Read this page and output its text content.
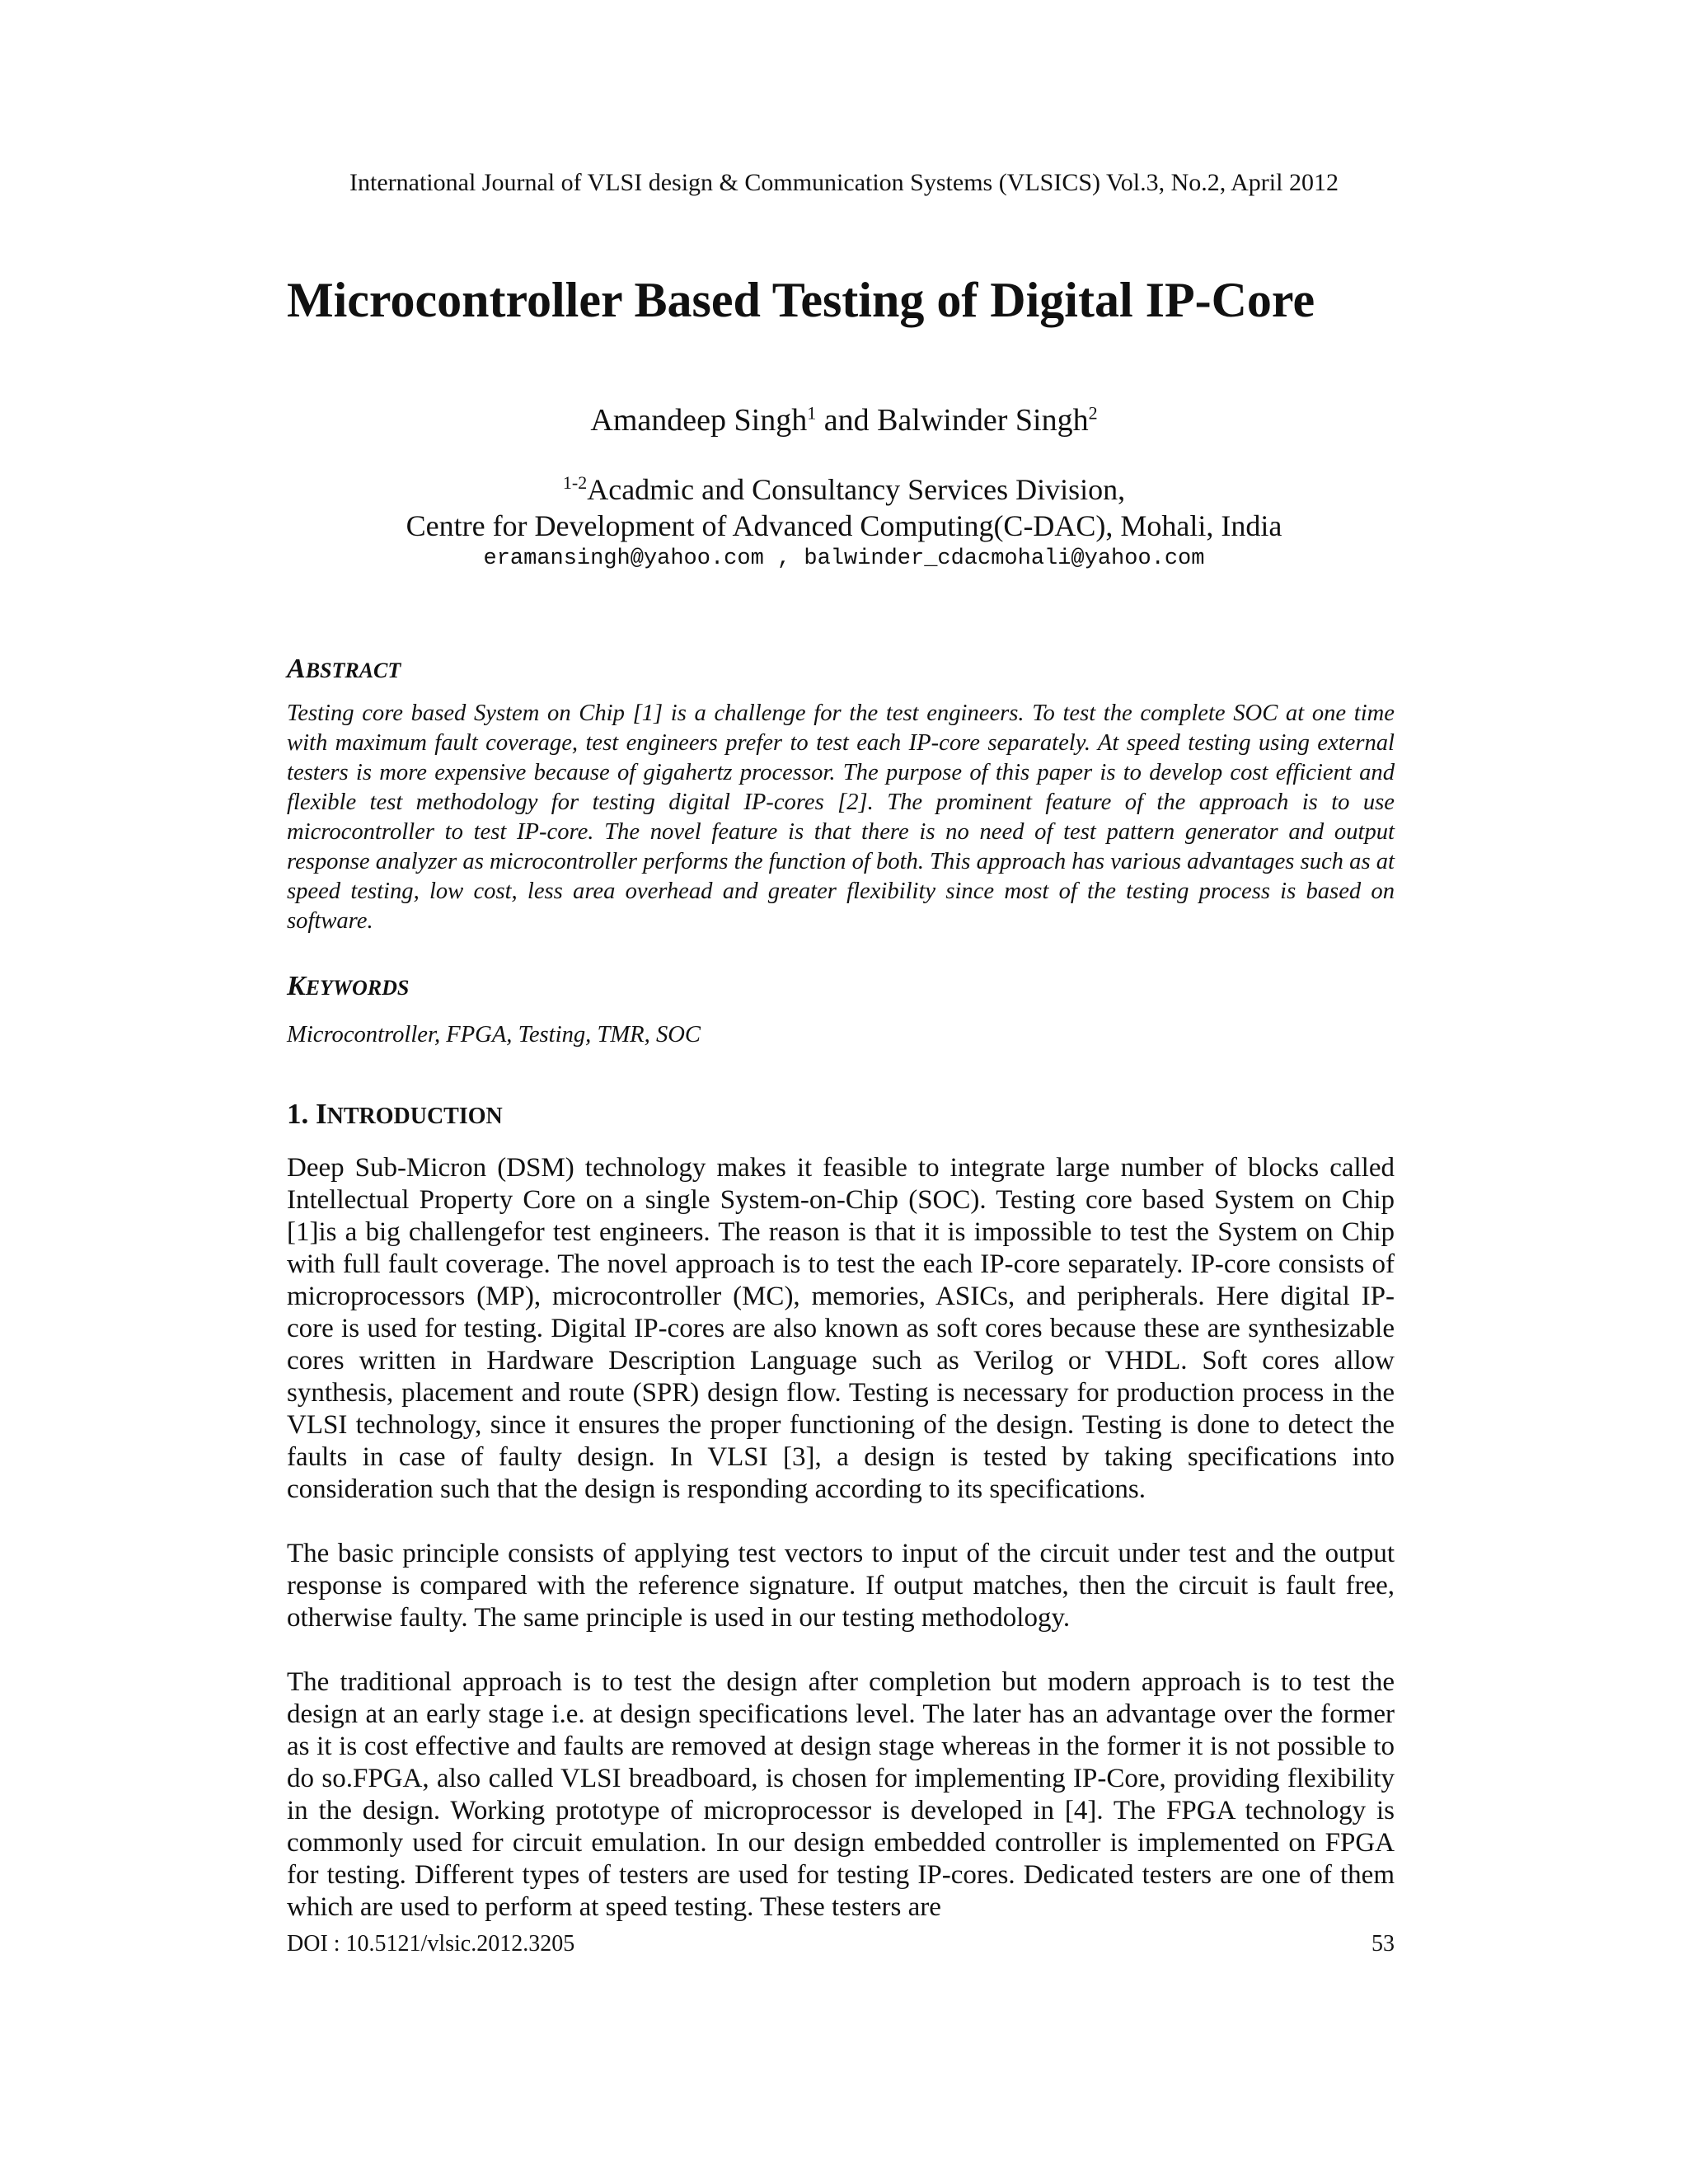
International Journal of VLSI design & Communication Systems (VLSICS) Vol.3, No.2, April 2012
Microcontroller Based Testing of Digital IP-Core
Amandeep Singh$^1$ and Balwinder Singh$^2$
$^{1-2}$Acadmic and Consultancy Services Division,
Centre for Development of Advanced Computing(C-DAC), Mohali, India
eramansingh@yahoo.com , balwinder_cdacmohali@yahoo.com
ABSTRACT
Testing core based System on Chip [1] is a challenge for the test engineers. To test the complete SOC at one time with maximum fault coverage, test engineers prefer to test each IP-core separately. At speed testing using external testers is more expensive because of gigahertz processor. The purpose of this paper is to develop cost efficient and flexible test methodology for testing digital IP-cores [2]. The prominent feature of the approach is to use microcontroller to test IP-core. The novel feature is that there is no need of test pattern generator and output response analyzer as microcontroller performs the function of both. This approach has various advantages such as at speed testing, low cost, less area overhead and greater flexibility since most of the testing process is based on software.
KEYWORDS
Microcontroller, FPGA, Testing, TMR, SOC
1. INTRODUCTION
Deep Sub-Micron (DSM) technology makes it feasible to integrate large number of blocks called Intellectual Property Core on a single System-on-Chip (SOC). Testing core based System on Chip [1]is a big challengefor test engineers. The reason is that it is impossible to test the System on Chip with full fault coverage. The novel approach is to test the each IP-core separately. IP-core consists of microprocessors (MP), microcontroller (MC), memories, ASICs, and peripherals. Here digital IP-core is used for testing. Digital IP-cores are also known as soft cores because these are synthesizable cores written in Hardware Description Language such as Verilog or VHDL. Soft cores allow synthesis, placement and route (SPR) design flow. Testing is necessary for production process in the VLSI technology, since it ensures the proper functioning of the design. Testing is done to detect the faults in case of faulty design. In VLSI [3], a design is tested by taking specifications into consideration such that the design is responding according to its specifications.
The basic principle consists of applying test vectors to input of the circuit under test and the output response is compared with the reference signature. If output matches, then the circuit is fault free, otherwise faulty. The same principle is used in our testing methodology.
The traditional approach is to test the design after completion but modern approach is to test the design at an early stage i.e. at design specifications level. The later has an advantage over the former as it is cost effective and faults are removed at design stage whereas in the former it is not possible to do so.FPGA, also called VLSI breadboard, is chosen for implementing IP-Core, providing flexibility in the design. Working prototype of microprocessor is developed in [4]. The FPGA technology is commonly used for circuit emulation. In our design embedded controller is implemented on FPGA for testing. Different types of testers are used for testing IP-cores. Dedicated testers are one of them which are used to perform at speed testing. These testers are
DOI : 10.5121/vlsic.2012.3205	53
